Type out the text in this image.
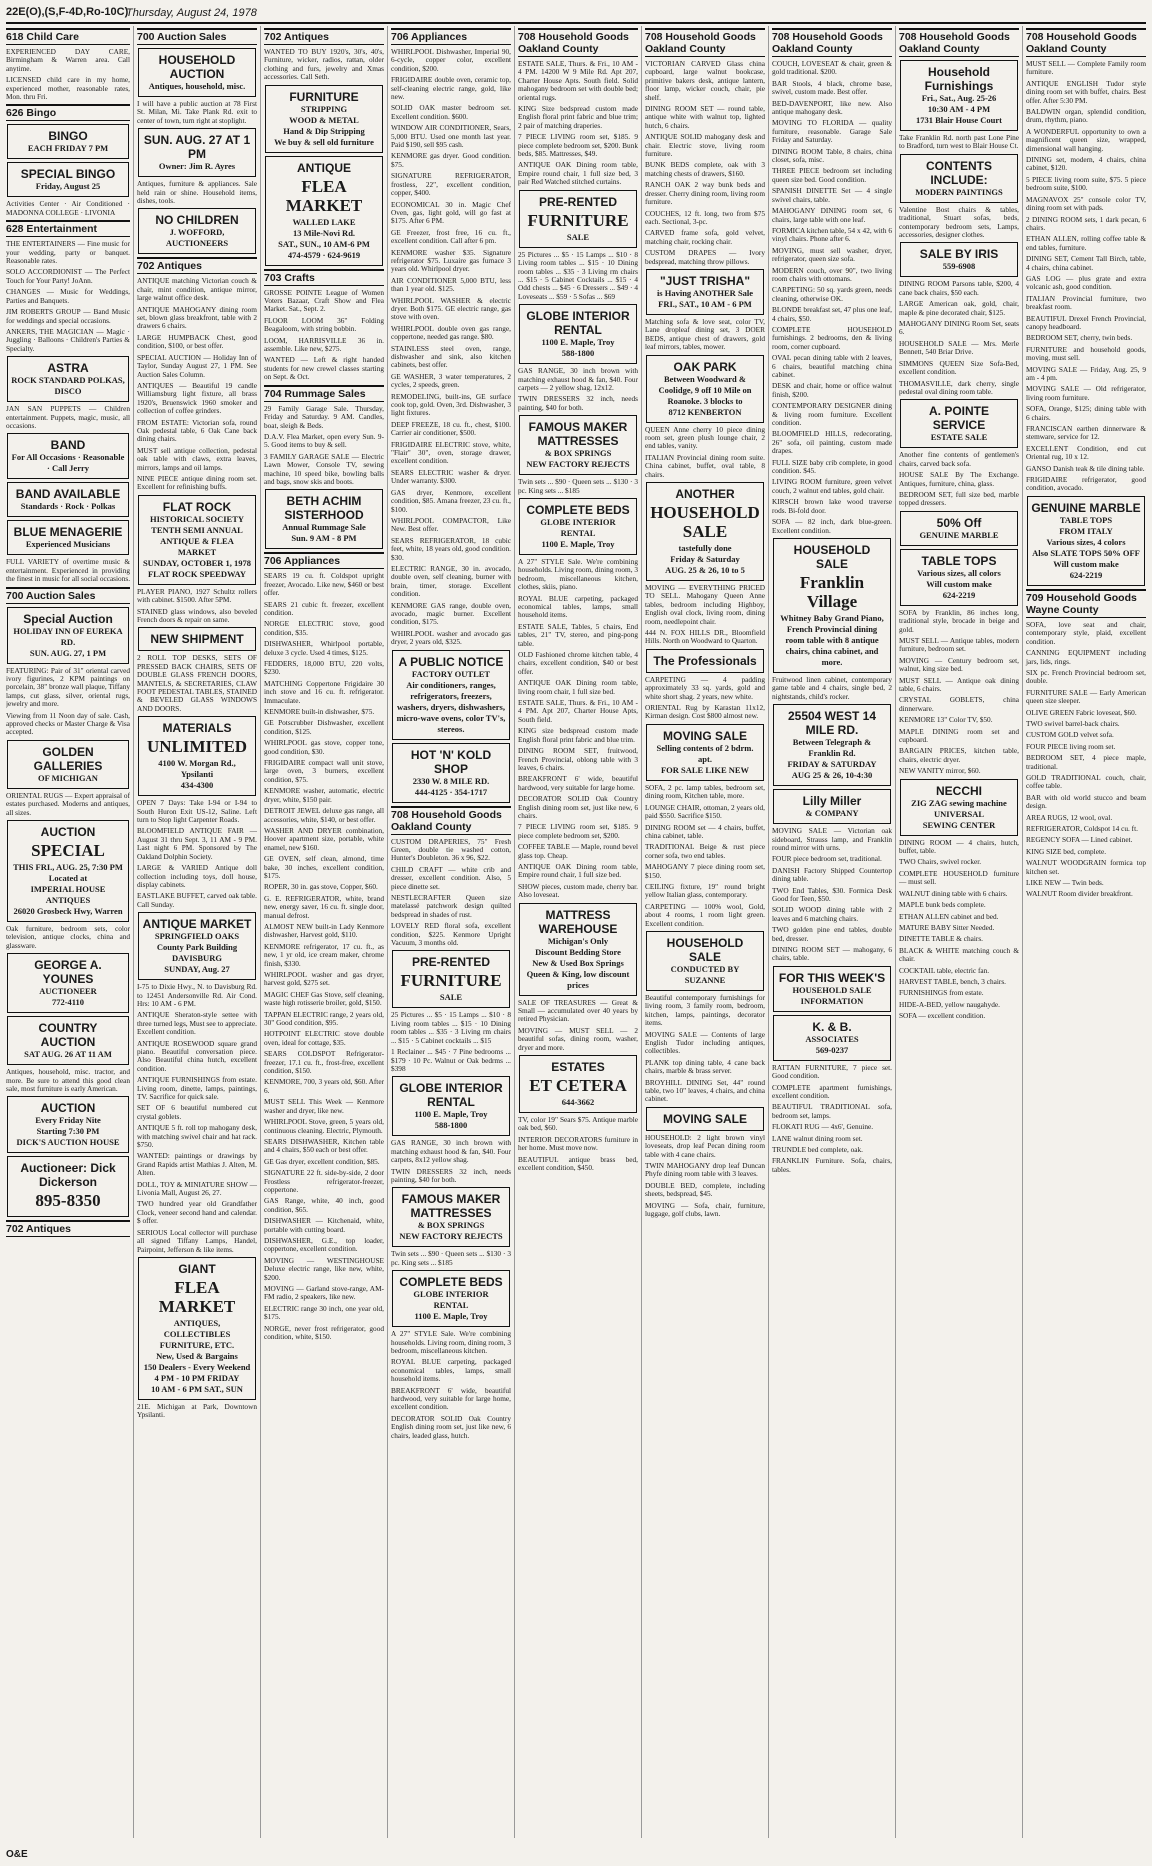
22E(O),(S,F-4D,Ro-10C)
Thursday, August 24, 1978
618 Child Care
EXPERIENCED DAY CARE, Birmingham & Warren area. Call anytime.
LICENSED child care in my home, experienced mother, reasonable rates, Mon. thru Fri.
626 Bingo
BINGO
EACH FRIDAY 7 PM
SPECIAL BINGO
Friday, August 25
Activities Center · Air Conditioned · MADONNA COLLEGE · LIVONIA
628 Entertainment
THE ENTERTAINERS — Fine music for your wedding, party or banquet. Reasonable rates.
SOLO ACCORDIONIST — The Perfect Touch for Your Party! JoAnn.
CHANGES — Music for Weddings, Parties and Banquets.
JIM ROBERTS GROUP — Band Music for weddings and special occasions.
ANKERS, THE MAGICIAN — Magic · Juggling · Balloons · Children's Parties & Specialty.
ASTRA
ROCK STANDARD POLKAS, DISCO
JAN SAN PUPPETS — Children entertainment. Puppets, magic, music, all occasions.
BAND
For All Occasions · Reasonable · Call Jerry
BAND AVAILABLE
Standards · Rock · Polkas
BLUE MENAGERIE
Experienced Musicians
FULL VARIETY of overtime music & entertainment. Experienced in providing the finest in music for all social occasions.
700 Auction Sales
Special Auction
HOLIDAY INN OF EUREKA RD.
SUN. AUG. 27, 1 PM
FEATURING: Pair of 31" oriental carved ivory figurines, 2 KPM paintings on porcelain, 38" bronze wall plaque, Tiffany lamps, cut glass, silver, oriental rugs, jewelry and more.
Viewing from 11 Noon day of sale. Cash, approved checks or Master Charge & Visa accepted.
GOLDEN GALLERIES
OF MICHIGAN
ORIENTAL RUGS — Expert appraisal of estates purchased. Moderns and antiques, all sizes.
AUCTION
SPECIAL
THIS FRI., AUG. 25, 7:30 PM
Located at
IMPERIAL HOUSE ANTIQUES
26020 Grosbeck Hwy, Warren
Oak furniture, bedroom sets, color television, antique clocks, china and glassware.
GEORGE A. YOUNES
AUCTIONEER
772-4110
COUNTRY AUCTION
SAT AUG. 26 AT 11 AM
Antiques, household, misc. tractor, and more. Be sure to attend this good clean sale, most furniture is early American.
AUCTION
Every Friday Nite
Starting 7:30 PM
DICK'S AUCTION HOUSE
Auctioneer: Dick Dickerson
895-8350
702 Antiques
700 Auction Sales
HOUSEHOLD AUCTION
Antiques, household, misc.
I will have a public auction at 78 First St. Milan, Mi. Take Plank Rd. exit to center of town, turn right at stoplight.
SUN. AUG. 27 AT 1 PM
Owner: Jim R. Ayres
Antiques, furniture & appliances. Sale held rain or shine. Household items, dishes, tools.
NO CHILDREN
J. WOFFORD, AUCTIONEERS
702 Antiques
ANTIQUE matching Victorian couch & chair, mint condition, antique mirror, large walnut office desk.
ANTIQUE MAHOGANY dining room set, blown glass breakfront, table with 2 drawers 6 chairs.
LARGE HUMPBACK Chest, good condition, $100, or best offer.
SPECIAL AUCTION — Holiday Inn of Taylor, Sunday August 27, 1 PM. See Auction Sales Column.
ANTIQUES — Beautiful 19 candle Williamsburg light fixture, all brass 1920's, Bruenswick 1960 smoker and collection of coffee grinders.
FROM ESTATE: Victorian sofa, round Oak pedestal table, 6 Oak Cane back dining chairs.
MUST sell antique collection, pedestal oak table with claws, extra leaves, mirrors, lamps and oil lamps.
NINE PIECE antique dining room set. Excellent for refinishing buffs.
FLAT ROCK
HISTORICAL SOCIETY
TENTH SEMI ANNUAL
ANTIQUE & FLEA MARKET
SUNDAY, OCTOBER 1, 1978
FLAT ROCK SPEEDWAY
PLAYER PIANO, 1927 Schultz rollers with cabinet. $1500. After 5PM.
STAINED glass windows, also beveled French doors & repair on same.
NEW SHIPMENT
2 ROLL TOP DESKS, SETS OF PRESSED BACK CHAIRS, SETS OF DOUBLE GLASS FRENCH DOORS, MANTELS, & SECRETARIES, CLAW FOOT PEDESTAL TABLES, STAINED & BEVELED GLASS WINDOWS AND DOORS.
MATERIALS
UNLIMITED
4100 W. Morgan Rd., Ypsilanti
434-4300
OPEN 7 Days: Take I-94 or I-94 to South Huron Exit US-12, Saline. Left turn to Stop light Carpenter Roads.
BLOOMFIELD ANTIQUE FAIR — August 31 thru Sept. 3, 11 AM - 9 PM. Last night 6 PM. Sponsored by The Oakland Dolphin Society.
LARGE & VARIED Antique doll collection including toys, doll house, display cabinets.
EASTLAKE BUFFET, carved oak table. Call Sunday.
ANTIQUE MARKET
SPRINGFIELD OAKS
County Park Building
DAVISBURG
SUNDAY, Aug. 27
I-75 to Dixie Hwy., N. to Davisburg Rd. to 12451 Andersonville Rd. Air Cond. Hrs: 10 AM - 6 PM.
ANTIQUE Sheraton-style settee with three turned legs, Must see to appreciate. Excellent condition.
ANTIQUE ROSEWOOD square grand piano. Beautiful conversation piece. Also Beautiful china hutch, excellent condition.
ANTIQUE FURNISHINGS from estate. Living room, dinette, lamps, paintings, TV. Sacrifice for quick sale.
SET OF 6 beautiful numbered cut crystal goblets.
ANTIQUE 5 ft. roll top mahogany desk, with matching swivel chair and hat rack. $750.
WANTED: paintings or drawings by Grand Rapids artist Mathias J. Alten, M. Alten.
DOLL, TOY & MINIATURE SHOW — Livonia Mall, August 26, 27.
TWO hundred year old Grandfather Clock, veneer second hand and calendar. $ offer.
SERIOUS Local collector will purchase all signed Tiffany Lamps, Handel, Pairpoint, Jefferson & like items.
GIANT
FLEA MARKET
ANTIQUES, COLLECTIBLES
FURNITURE, ETC.
New, Used & Bargains
150 Dealers - Every Weekend
4 PM - 10 PM FRIDAY
10 AM - 6 PM SAT., SUN
21E. Michigan at Park, Downtown Ypsilanti.
702 Antiques
WANTED TO BUY 1920's, 30's, 40's, Furniture, wicker, radios, rattan, older clothing and furs, jewelry and Xmas accessories. Call Seth.
FURNITURE
STRIPPING
WOOD & METAL
Hand & Dip Stripping
We buy & sell old furniture
ANTIQUE
FLEA MARKET
WALLED LAKE
13 Mile-Novi Rd.
SAT., SUN., 10 AM-6 PM
474-4579 · 624-9619
703 Crafts
GROSSE POINTE League of Women Voters Bazaar, Craft Show and Flea Market. Sat., Sept. 2.
FLOOR LOOM 36" Folding Beagaloom, with string bobbin.
LOOM, HARRISVILLE 36 in. assemble. Like new, $275.
WANTED — Left & right handed students for new crewel classes starting on Sept. & Oct.
704 Rummage Sales
29 Family Garage Sale. Thursday, Friday and Saturday. 9 AM. Candles, boat, sleigh & Beds.
D.A.V. Flea Market, open every Sun. 9-5. Good items to buy & sell.
3 FAMILY GARAGE SALE — Electric Lawn Mower, Console TV, sewing machine, 10 speed bike, bowling balls and bags, snow skis and boots.
BETH ACHIM SISTERHOOD
Annual Rummage Sale
Sun. 9 AM - 8 PM
706 Appliances
SEARS 19 cu. ft. Coldspot upright freezer, Avocado. Like new, $460 or best offer.
SEARS 21 cubic ft. freezer, excellent condition.
NORGE ELECTRIC stove, good condition, $35.
DISHWASHER, Whirlpool portable, deluxe 3 cycle. Used 4 times, $125.
FEDDERS, 18,000 BTU, 220 volts, $230.
MATCHING Coppertone Frigidaire 30 inch stove and 16 cu. ft. refrigerator. Immaculate.
KENMORE built-in dishwasher, $75.
GE Potscrubber Dishwasher, excellent condition, $125.
WHIRLPOOL gas stove, copper tone, good condition, $30.
FRIGIDAIRE compact wall unit stove, large oven, 3 burners, excellent condition, $75.
KENMORE washer, automatic, electric dryer, white, $150 pair.
DETROIT JEWEL deluxe gas range, all accessories, white, $140, or best offer.
WASHER AND DRYER combination, Hoover apartment size, portable, white enamel, new $160.
GE OVEN, self clean, almond, time bake, 30 inches, excellent condition, $175.
ROPER, 30 in. gas stove, Copper, $60.
G. E. REFRIGERATOR, white, brand new, energy saver, 16 cu. ft. single door, manual defrost.
ALMOST NEW built-in Lady Kenmore dishwasher, Harvest gold, $110.
KENMORE refrigerator, 17 cu. ft., as new, 1 yr old, ice cream maker, chrome finish, $330.
WHIRLPOOL washer and gas dryer, harvest gold, $275 set.
MAGIC CHEF Gas Stove, self cleaning, waste high rotisserie broiler, gold, $150.
TAPPAN ELECTRIC range, 2 years old, 30" Good condition, $95.
HOTPOINT ELECTRIC stove double oven, ideal for cottage, $35.
SEARS COLDSPOT Refrigerator-freezer, 17.1 cu. ft., frost-free, excellent condition, $150.
KENMORE, 700, 3 years old, $60. After 6.
MUST SELL This Week — Kenmore washer and dryer, like new.
WHIRLPOOL Stove, green, 5 years old, continuous cleaning. Electric, Plymouth.
SEARS DISHWASHER, Kitchen table and 4 chairs, $50 each or best offer.
GE Gas dryer, excellent condition, $85.
SIGNATURE 22 ft. side-by-side, 2 door Frostless refrigerator-freezer, coppertone.
GAS Range, white, 40 inch, good condition, $65.
DISHWASHER — Kitchenaid, white, portable with cutting board.
DISHWASHER, G.E., top loader, coppertone, excellent condition.
MOVING — WESTINGHOUSE Deluxe electric range, like new, white, $200.
MOVING — Garland stove-range, AM-FM radio, 2 speakers, like new.
ELECTRIC range 30 inch, one year old, $175.
NORGE, never frost refrigerator, good condition, white, $150.
706 Appliances
WHIRLPOOL Dishwasher, Imperial 90, 6-cycle, copper color, excellent condition, $200.
FRIGIDAIRE double oven, ceramic top, self-cleaning electric range, gold, like new.
SOLID OAK master bedroom set. Excellent condition. $600.
WINDOW AIR CONDITIONER, Sears, 5,000 BTU. Used one month last year. Paid $190, sell $95 cash.
KENMORE gas dryer. Good condition. $75.
SIGNATURE REFRIGERATOR, frostless, 22", excellent condition, copper, $400.
ECONOMICAL 30 in. Magic Chef Oven, gas, light gold, will go fast at $175. After 6 PM.
GE Freezer, frost free, 16 cu. ft., excellent condition. Call after 6 pm.
KENMORE washer $35. Signature refrigerator $75. Luxaire gas furnace 3 years old. Whirlpool dryer.
AIR CONDITIONER 5,000 BTU, less than 1 year old. $125.
WHIRLPOOL WASHER & electric dryer. Both $175. GE electric range, gas stove with oven.
WHIRLPOOL double oven gas range, coppertone, needed gas range. $80.
STAINLESS steel oven, range, dishwasher and sink, also kitchen cabinets, best offer.
GE WASHER, 3 water temperatures, 2 cycles, 2 speeds, green.
REMODELING, built-ins, GE surface cook top, gold. Oven, 3rd. Dishwasher, 3 light fixtures.
DEEP FREEZE, 18 cu. ft., chest, $100. Carrier air conditioner, $500.
FRIGIDAIRE ELECTRIC stove, white, "Flair" 30", oven, storage drawer, excellent condition.
SEARS ELECTRIC washer & dryer. Under warranty. $300.
GAS dryer, Kenmore, excellent condition, $85. Amana freezer, 23 cu. ft., $100.
WHIRLPOOL COMPACTOR, Like New. Best offer.
SEARS REFRIGERATOR, 18 cubic feet, white, 18 years old, good condition. $30.
ELECTRIC RANGE, 30 in. avocado, double oven, self cleaning, burner with brain, timer, storage. Excellent condition.
KENMORE GAS range, double oven, avocado, magic burner. Excellent condition, $175.
WHIRLPOOL washer and avocado gas dryer, 2 years old, $325.
A PUBLIC NOTICE
FACTORY OUTLET
Air conditioners, ranges, refrigerators, freezers, washers, dryers, dishwashers, micro-wave ovens, color TV's, stereos.
HOT 'N' KOLD SHOP
2330 W. 8 MILE RD.
444-4125 · 354-1717
708 Household Goods Oakland County
CUSTOM DRAPERIES, 75" Fresh Green, double tie washed cotton, Hunter's Doubleton. 36 x 96, $22.
CHILD CRAFT — white crib and dresser, excellent condition. Also, 5 piece dinette set.
NESTLECRAFTER Queen size matelassé patchwork design quilted bedspread in shades of rust.
LOVELY RED floral sofa, excellent condition, $225. Kenmore Upright Vacuum, 3 months old.
PRE-RENTED
FURNITURE
SALE
25 Pictures ... $5 · 15 Lamps ... $10 · 8 Living room tables ... $15 · 10 Dining room tables ... $35 · 3 Living rm chairs ... $15 · 5 Cabinet cocktails ... $15
1 Reclainer ... $45 · 7 Pine bedrooms ... $179 · 10 Pc. Walnut or Oak bedrms ... $398
GLOBE INTERIOR RENTAL
1100 E. Maple, Troy
588-1800
GAS RANGE, 30 inch brown with matching exhaust hood & fan, $40. Four carpets, 8x12 yellow shag.
TWIN DRESSERS 32 inch, needs painting, $40 for both.
FAMOUS MAKER MATTRESSES
& BOX SPRINGS
NEW FACTORY REJECTS
Twin sets ... $90 · Queen sets ... $130 · 3 pc. King sets ... $185
COMPLETE BEDS
GLOBE INTERIOR RENTAL
1100 E. Maple, Troy
A 27" STYLE Sale. We're combining households. Living room, dining room, 3 bedroom, miscellaneous kitchen.
ROYAL BLUE carpeting, packaged economical tables, lamps, small household items.
BREAKFRONT 6' wide, beautiful hardwood, very suitable for large home, excellent condition.
DECORATOR SOLID Oak Country English dining room set, just like new, 6 chairs, leaded glass, hutch.
708 Household Goods Oakland County
ESTATE SALE, Thurs. & Fri., 10 AM - 4 PM. 14200 W 9 Mile Rd. Apt 207, Charter House Apts. South field. Solid mahogany bedroom set with double bed; oriental rugs.
KING Size bedspread custom made English floral print fabric and blue trim; 2 pair of matching draperies.
7 PIECE LIVING room set, $185. 9 piece complete bedroom set, $200. Bunk beds, $85. Mattresses, $49.
ANTIQUE OAK Dining room table, Empire round chair, 1 full size bed, 3 pair Red Watched stitched curtains.
PRE-RENTED
FURNITURE
SALE
25 Pictures ... $5 · 15 Lamps ... $10 · 8 Living room tables ... $15 · 10 Dining room tables ... $35 · 3 Living rm chairs ... $15 · 5 Cabinet Cocktails ... $15 · 4 Odd chests ... $45 · 6 Dressers ... $49 · 4 Loveseats ... $59 · 5 Sofas ... $69
GLOBE INTERIOR RENTAL
1100 E. Maple, Troy
588-1800
GAS RANGE, 30 inch brown with matching exhaust hood & fan, $40. Four carpets — 2 yellow shag, 12x12.
TWIN DRESSERS 32 inch, needs painting, $40 for both.
FAMOUS MAKER MATTRESSES
& BOX SPRINGS
NEW FACTORY REJECTS
Twin sets ... $90 · Queen sets ... $130 · 3 pc. King sets ... $185
COMPLETE BEDS
GLOBE INTERIOR RENTAL
1100 E. Maple, Troy
A 27" STYLE Sale. We're combining households. Living room, dining room, 3 bedroom, miscellaneous kitchen, clothes, skiis, piano.
ROYAL BLUE carpeting, packaged economical tables, lamps, small household items.
ESTATE SALE, Tables, 5 chairs, End tables, 21" TV, stereo, and ping-pong table.
OLD Fashioned chrome kitchen table, 4 chairs, excellent condition, $40 or best offer.
ANTIQUE OAK Dining room table, living room chair, 1 full size bed.
ESTATE SALE, Thurs. & Fri., 10 AM - 4 PM. Apt 207, Charter House Apts, South field.
KING size bedspread custom made English floral print fabric and blue trim.
DINING ROOM SET, fruitwood, French Provincial, oblong table with 3 leaves, 6 chairs.
BREAKFRONT 6' wide, beautiful hardwood, very suitable for large home.
DECORATOR SOLID Oak Country English dining room set, just like new, 6 chairs.
7 PIECE LIVING room set, $185. 9 piece complete bedroom set, $200.
COFFEE TABLE — Maple, round bevel glass top. Cheap.
ANTIQUE OAK Dining room table, Empire round chair, 1 full size bed.
SHOW pieces, custom made, cherry bar. Also loveseat.
MATTRESS WAREHOUSE
Michigan's Only
Discount Bedding Store
New & Used Box Springs
Queen & King, low discount prices
SALE OF TREASURES — Great & Small — accumulated over 40 years by retired Physician.
MOVING — MUST SELL — 2 beautiful sofas, dining room, washer, dryer and more.
ESTATES
ET CETERA
644-3662
TV, color 19" Sears $75. Antique marble oak bed, $60.
INTERIOR DECORATORS furniture in her home. Must move now.
BEAUTIFUL antique brass bed, excellent condition, $450.
708 Household Goods Oakland County
VICTORIAN CARVED Glass china cupboard, large walnut bookcase, primitive bakers desk, antique lantern, floor lamp, wicker couch, chair, pie shelf.
DINING ROOM SET — round table, antique white with walnut top, lighted hutch, 6 chairs.
ANTIQUE SOLID mahogany desk and chair. Electric stove, living room furniture.
BUNK BEDS complete, oak with 3 matching chests of drawers, $160.
RANCH OAK 2 way bunk beds and dresser. Cherry dining room, living room furniture.
COUCHES, 12 ft. long, two from $75 each. Sectional, 3-pc.
CARVED frame sofa, gold velvet, matching chair, rocking chair.
CUSTOM DRAPES — Ivory bedspread, matching throw pillows.
"JUST TRISHA"
is Having ANOTHER Sale
FRI., SAT., 10 AM - 6 PM
Matching sofa & love seat, color TV, Lane dropleaf dining set, 3 DOER BEDS, antique chest of drawers, gold leaf mirrors, tables, mower.
OAK PARK
Between Woodward & Coolidge, 9 off 10 Mile on Roanoke. 3 blocks to
8712 KENBERTON
QUEEN Anne cherry 10 piece dining room set, green plush lounge chair, 2 end tables, vanity.
ITALIAN Provincial dining room suite. China cabinet, buffet, oval table, 8 chairs.
ANOTHER
HOUSEHOLD SALE
tastefully done
Friday & Saturday
AUG. 25 & 26, 10 to 5
MOVING — EVERYTHING PRICED TO SELL. Mahogany Queen Anne tables, bedroom including Highboy, English oval clock, living room, dining room, needlepoint chair.
444 N. FOX HILLS DR., Bloomfield Hills. North on Woodward to Quarton.
The Professionals
CARPETING — 4 padding approximately 33 sq. yards, gold and white short shag. 2 years, new white.
ORIENTAL Rug by Karastan 11x12, Kirman design. Cost $800 almost new.
MOVING SALE
Selling contents of 2 bdrm. apt.
FOR SALE LIKE NEW
SOFA, 2 pc. lamp tables, bedroom set, dining room, Kitchen table, more.
LOUNGE CHAIR, ottoman, 2 years old, paid $550. Sacrifice $150.
DINING ROOM set — 4 chairs, buffet, china cabinet, table.
TRADITIONAL Beige & rust piece corner sofa, two end tables.
MAHOGANY 7 piece dining room set, $150.
CEILING fixture, 19" round bright yellow Italian glass, contemporary.
CARPETING — 100% wool, Gold, about 4 rooms, 1 room light green. Excellent condition.
HOUSEHOLD SALE
CONDUCTED BY SUZANNE
Beautiful contemporary furnishings for living room, 3 family room, bedroom, kitchen, lamps, paintings, decorator items.
MOVING SALE — Contents of large English Tudor including antiques, collectibles.
PLANK top dining table, 4 cane back chairs, marble & brass server.
BROYHILL DINING Set, 44" round table, two 10" leaves, 4 chairs, and china cabinet.
MOVING SALE
HOUSEHOLD: 2 light brown vinyl loveseats, drop leaf Pecan dining room table with 4 cane chairs.
TWIN MAHOGANY drop leaf Duncan Phyfe dining room table with 3 leaves.
DOUBLE BED, complete, including sheets, bedspread, $45.
MOVING — Sofa, chair, furniture, luggage, golf clubs, lawn.
708 Household Goods Oakland County
COUCH, LOVESEAT & chair, green & gold traditional. $200.
BAR Stools, 4 black, chrome base, swivel, custom made. Best offer.
BED-DAVENPORT, like new. Also antique mahogany desk.
MOVING TO FLORIDA — quality furniture, reasonable. Garage Sale Friday and Saturday.
DINING ROOM Table, 8 chairs, china closet, sofa, misc.
THREE PIECE bedroom set including queen size bed. Good condition.
SPANISH DINETTE Set — 4 single swivel chairs, table.
MAHOGANY DINING room set, 6 chairs, large table with one leaf.
FORMICA kitchen table, 54 x 42, with 6 vinyl chairs. Phone after 6.
MOVING, must sell washer, dryer, refrigerator, queen size sofa.
MODERN couch, over 90", two living room chairs with ottomans.
CARPETING: 50 sq. yards green, needs cleaning, otherwise OK.
BLONDE breakfast set, 47 plus one leaf, 4 chairs, $50.
COMPLETE HOUSEHOLD furnishings. 2 bedrooms, den & living room, corner cupboard.
OVAL pecan dining table with 2 leaves, 6 chairs, beautiful matching china cabinet.
DESK and chair, home or office walnut finish, $200.
CONTEMPORARY DESIGNER dining & living room furniture. Excellent condition.
BLOOMFIELD HILLS, redecorating, 26" sofa, oil painting, custom made drapes.
FULL SIZE baby crib complete, in good condition. $45.
LIVING ROOM furniture, green velvet couch, 2 walnut end tables, gold chair.
KIRSCH brown lake wood traverse rods. Bi-fold door.
SOFA — 82 inch, dark blue-green. Excellent condition.
HOUSEHOLD SALE
Franklin Village
Whitney Baby Grand Piano, French Provincial dining room table with 8 antique chairs, china cabinet, and more.
Fruitwood linen cabinet, contemporary game table and 4 chairs, single bed, 2 nightstands, child's rocker.
25504 WEST 14 MILE RD.
Between Telegraph & Franklin Rd.
FRIDAY & SATURDAY
AUG 25 & 26, 10-4:30
Lilly Miller
& COMPANY
MOVING SALE — Victorian oak sideboard, Strauss lamp, and Franklin round mirror with urns.
FOUR piece bedroom set, traditional.
DANISH Factory Shipped Countertop dining table.
TWO End Tables, $30. Formica Desk Good for Teen, $50.
SOLID WOOD dining table with 2 leaves and 6 matching chairs.
TWO golden pine end tables, double bed, dresser.
DINING ROOM SET — mahogany, 6 chairs, table.
FOR THIS WEEK'S
HOUSEHOLD SALE
INFORMATION
K. & B.
ASSOCIATES
569-0237
RATTAN FURNITURE, 7 piece set. Good condition.
COMPLETE apartment furnishings, excellent condition.
BEAUTIFUL TRADITIONAL sofa, bedroom set, lamps.
FLOKATI RUG — 4x6', Genuine.
LANE walnut dining room set.
TRUNDLE bed complete, oak.
FRANKLIN Furniture. Sofa, chairs, tables.
708 Household Goods Oakland County
Household Furnishings
Fri., Sat., Aug. 25-26
10:30 AM - 4 PM
1731 Blair House Court
Take Franklin Rd. north past Lone Pine to Bradford, turn west to Blair House Ct.
CONTENTS INCLUDE:
MODERN PAINTINGS
Valentine Bost chairs & tables, traditional, Stuart sofas, beds, contemporary bedroom sets, Lamps, accessories, designer clothes.
SALE BY IRIS
559-6908
DINING ROOM Parsons table, $200, 4 cane back chairs, $50 each.
LARGE American oak, gold, chair, maple & pine decorated chair, $125.
MAHOGANY DINING Room Set, seats 6.
HOUSEHOLD SALE — Mrs. Merle Bennett, 540 Briar Drive.
SIMMONS QUEEN Size Sofa-Bed, excellent condition.
THOMASVILLE, dark cherry, single pedestal oval dining room table.
A. POINTE SERVICE
ESTATE SALE
Another fine contents of gentlemen's chairs, carved back sofa.
HOUSE SALE By The Exchange. Antiques, furniture, china, glass.
BEDROOM SET, full size bed, marble topped dressers.
50% Off
GENUINE MARBLE
TABLE TOPS
Various sizes, all colors
Will custom make
624-2219
SOFA by Franklin, 86 inches long, traditional style, brocade in beige and gold.
MUST SELL — Antique tables, modern furniture, bedroom set.
MOVING — Century bedroom set, walnut, king size bed.
MUST SELL — Antique oak dining table, 6 chairs.
CRYSTAL GOBLETS, china dinnerware.
KENMORE 13" Color TV, $50.
MAPLE DINING room set and cupboard.
BARGAIN PRICES, kitchen table, chairs, electric dryer.
NEW VANITY mirror, $60.
NECCHI
ZIG ZAG sewing machine
UNIVERSAL
SEWING CENTER
DINING ROOM — 4 chairs, hutch, buffet, table.
TWO Chairs, swivel rocker.
COMPLETE HOUSEHOLD furniture — must sell.
WALNUT dining table with 6 chairs.
MAPLE bunk beds complete.
ETHAN ALLEN cabinet and bed.
MATURE BABY Sitter Needed.
DINETTE TABLE & chairs.
BLACK & WHITE matching couch & chair.
COCKTAIL table, electric fan.
HARVEST TABLE, bench, 3 chairs.
FURNISHINGS from estate.
HIDE-A-BED, yellow naugahyde.
SOFA — excellent condition.
708 Household Goods Oakland County
MUST SELL — Complete Family room furniture.
ANTIQUE ENGLISH Tudor style dining room set with buffet, chairs. Best offer. After 5:30 PM.
BALDWIN organ, splendid condition, drum, rhythm, piano.
A WONDERFUL opportunity to own a magnificent queen size, wrapped, dimensional wall hanging.
DINING set, modern, 4 chairs, china cabinet, $120.
5 PIECE living room suite, $75. 5 piece bedroom suite, $100.
MAGNAVOX 25" console color TV, dining room set with pads.
2 DINING ROOM sets, 1 dark pecan, 6 chairs.
ETHAN ALLEN, rolling coffee table & end tables, furniture.
DINING SET, Cement Tall Birch, table, 4 chairs, china cabinet.
GAS LOG — plus grate and extra volcanic ash, good condition.
ITALIAN Provincial furniture, two breakfast room.
BEAUTIFUL Drexel French Provincial, canopy headboard.
BEDROOM SET, cherry, twin beds.
FURNITURE and household goods, moving, must sell.
MOVING SALE — Friday, Aug. 25, 9 am - 4 pm.
MOVING SALE — Old refrigerator, living room furniture.
SOFA, Orange, $125; dining table with 6 chairs.
FRANCISCAN earthen dinnerware & stemware, service for 12.
EXCELLENT Condition, end cut Oriental rug, 10 x 12.
GANSO Danish teak & tile dining table.
FRIGIDAIRE refrigerator, good condition, avocado.
GENUINE MARBLE
TABLE TOPS
FROM ITALY
Various sizes, 4 colors
Also SLATE TOPS 50% OFF
Will custom make
624-2219
709 Household Goods Wayne County
SOFA, love seat and chair, contemporary style, plaid, excellent condition.
CANNING EQUIPMENT including jars, lids, rings.
SIX pc. French Provincial bedroom set, double.
FURNITURE SALE — Early American queen size sleeper.
OLIVE GREEN Fabric loveseat, $60.
TWO swivel barrel-back chairs.
CUSTOM GOLD velvet sofa.
FOUR PIECE living room set.
BEDROOM SET, 4 piece maple, traditional.
GOLD TRADITIONAL couch, chair, coffee table.
BAR with old world stucco and beam design.
AREA RUGS, 12 wool, oval.
REFRIGERATOR, Coldspot 14 cu. ft.
REGENCY SOFA — Lined cabinet.
KING SIZE bed, complete.
WALNUT WOODGRAIN formica top kitchen set.
LIKE NEW — Twin beds.
WALNUT Room divider breakfront.
O&E
